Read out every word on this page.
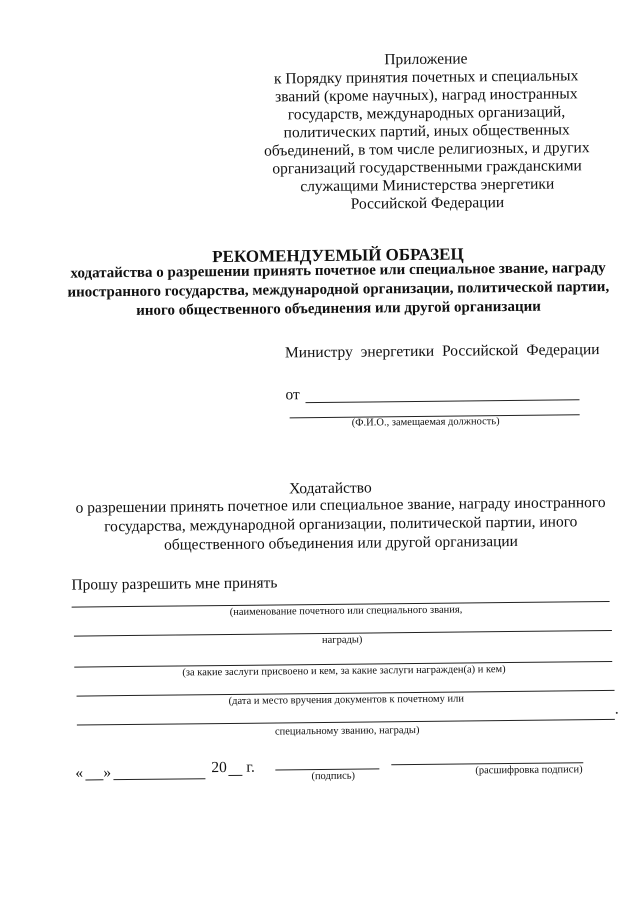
Приложение
к Порядку принятия почетных и специальных
званий (кроме научных), наград иностранных
государств, международных организаций,
политических партий, иных общественных
объединений, в том числе религиозных, и других
организаций государственными гражданскими
служащими Министерства энергетики
Российской Федерации
РЕКОМЕНДУЕМЫЙ ОБРАЗЕЦ
ходатайства о разрешении принять почетное или специальное звание, награду
иностранного государства, международной организации, политической партии,
иного общественного объединения или другой организации
Министру энергетики Российской Федерации
от
(Ф.И.О., замещаемая должность)
Ходатайство
о разрешении принять почетное или специальное звание, награду иностранного
государства, международной организации, политической партии, иного
общественного объединения или другой организации
Прошу разрешить мне принять
(наименование почетного или специального звания,
награды)
(за какие заслуги присвоено и кем, за какие заслуги награжден(а) и кем)
(дата и место вручения документов к почетному или
специальному званию, награды)
« »	20 г.
(подпись)	(расшифровка подписи)
